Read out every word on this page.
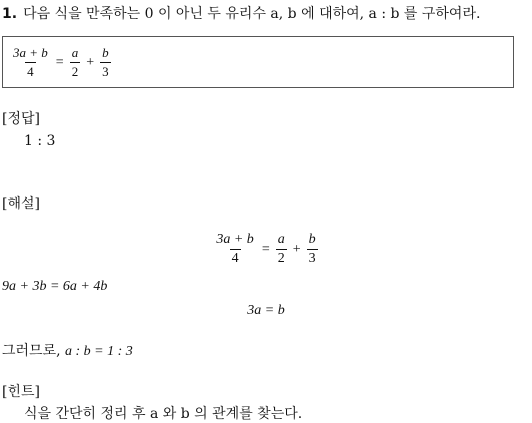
1. 다음 식을 만족하는 0 이 아닌 두 유리수 a, b 에 대하여, a : b 를 구하여라.
$\frac{3a + b}{4} = \frac{a}{2} + \frac{b}{3}$
[정답]
1 : 3
[해설]
$\frac{3a + b}{4} = \frac{a}{2} + \frac{b}{3}$
9a + 3b = 6a + 4b
3a = b
그러므로, a : b = 1 : 3
[힌트]
식을 간단히 정리 후 a 와 b 의 관계를 찾는다.
